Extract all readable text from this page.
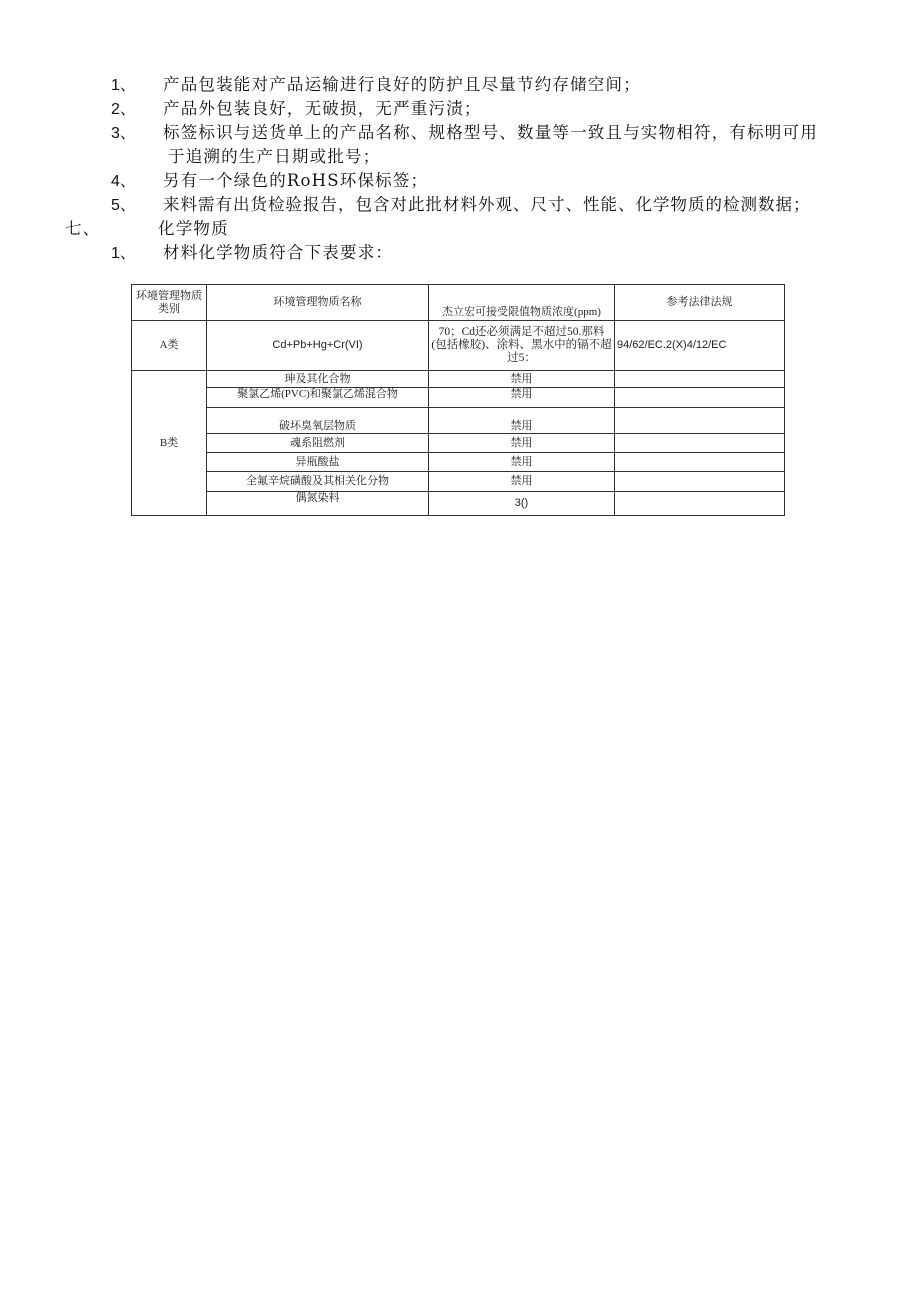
1、 产品包装能对产品运输进行良好的防护且尽量节约存储空间；
2、 产品外包装良好，无破损，无严重污渍；
3、 标签标识与送货单上的产品名称、规格型号、数量等一致且与实物相符，有标明可用
于追溯的生产日期或批号；
4、 另有一个绿色的RoHS环保标签；
5、 来料需有出货检验报告，包含对此批材料外观、尺寸、性能、化学物质的检测数据；
七、	化学物质
1、 材料化学物质符合下表要求：
环境管理物质类别	环境管理物质名称	杰立宏可接受限值物质浓度(ppm)	参考法律法规
A类	Cd+Pb+Hg+Cr(VI)	70；Cd还必须满足不超过50.那料(包括橡胶)、涂料、黑水中的镉不超过5：	94/62/EC.2(X)4/12/EC
B类	珅及其化合物	禁用	
	聚氯乙烯(PVC)和聚氯乙烯混合物	禁用	
	破坏臭氧层物质	禁用	
	魂系阻燃剂	禁用	
	异瓶酸盐	禁用	
	全氟辛烷磺酸及其相关化分物	禁用	
	偶氮染料	3()	
